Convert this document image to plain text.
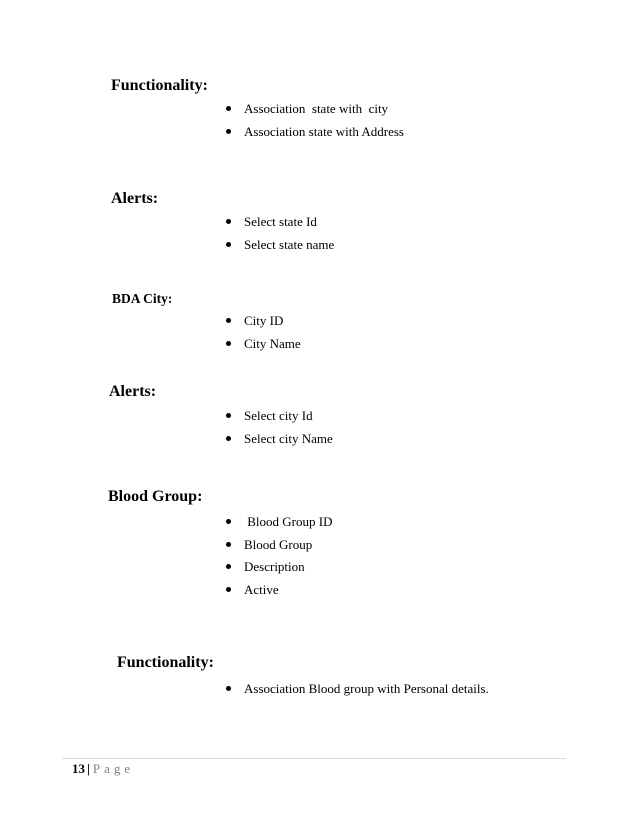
Functionality:
Association  state with  city
Association state with Address
Alerts:
Select state Id
Select state name
BDA City:
City ID
City Name
Alerts:
Select city Id
Select city Name
Blood Group:
Blood Group ID
Blood Group
Description
Active
Functionality:
Association Blood group with Personal details.
13 | Page
